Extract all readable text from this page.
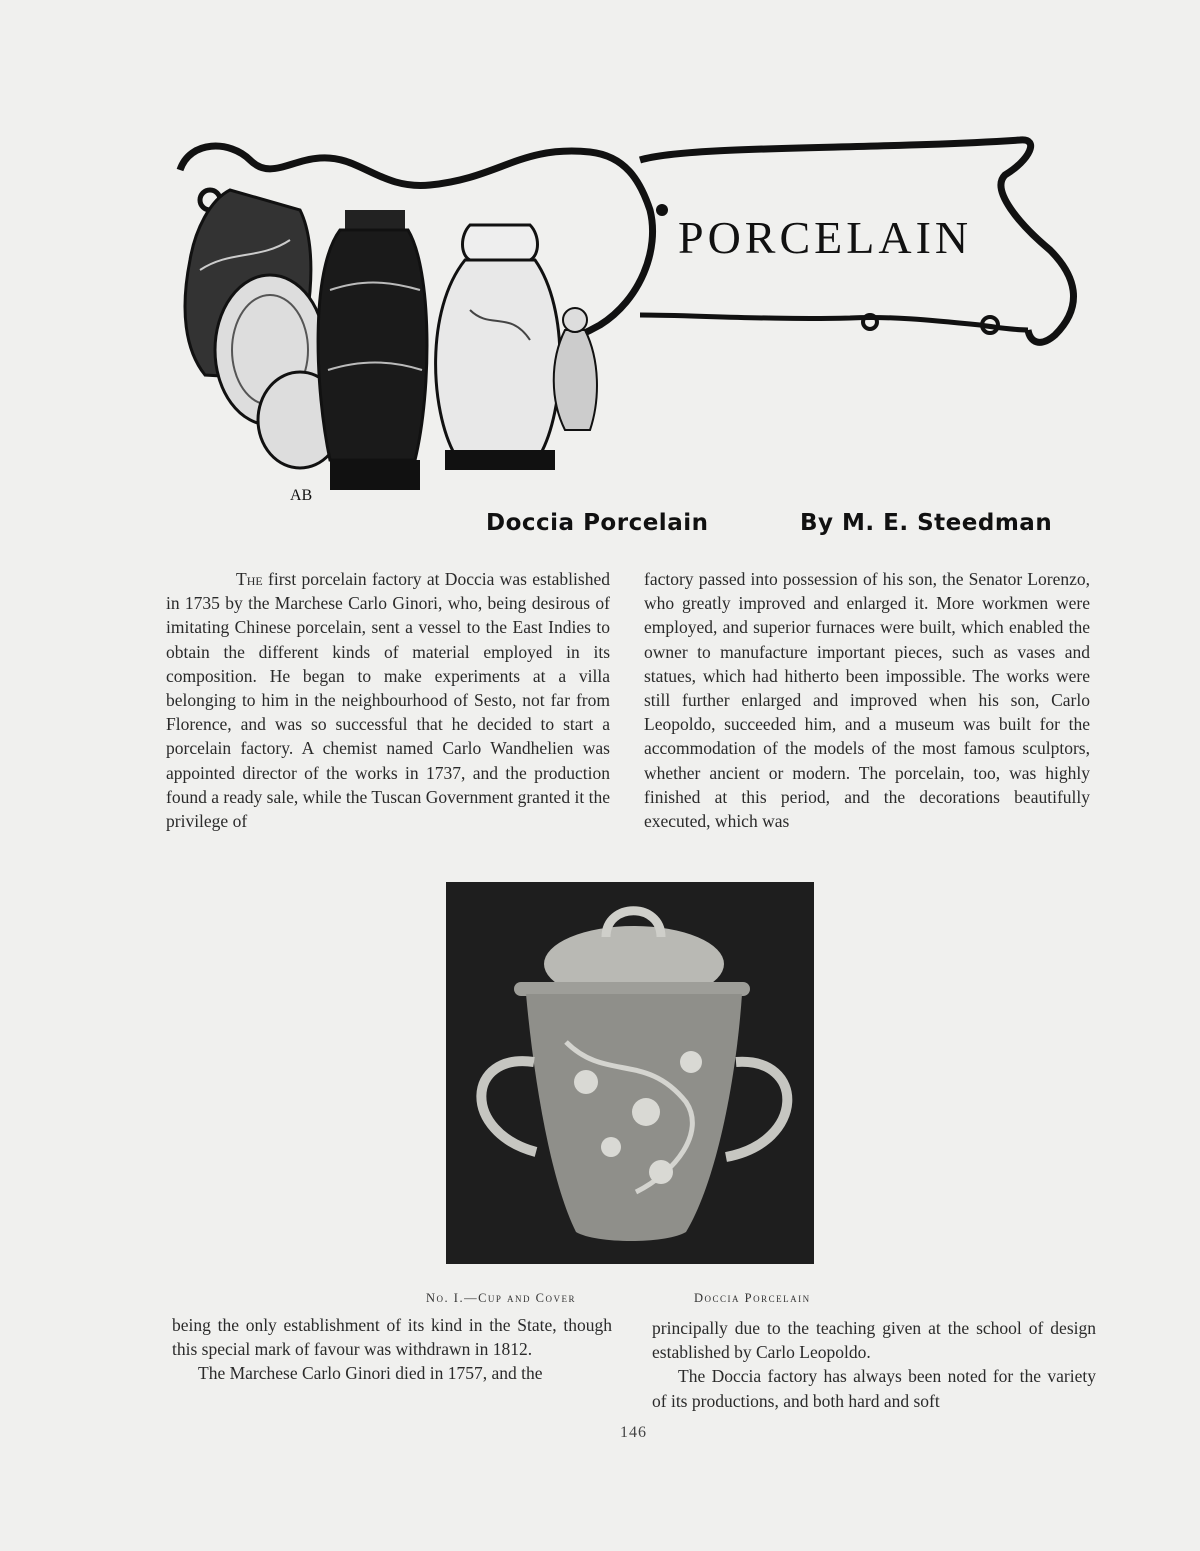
AB
PORCELAIN
Doccia Porcelain	By M. E. Steedman

The first porcelain factory at Doccia was established in 1735 by the Marchese Carlo Ginori, who, being desirous of imitating Chinese porcelain, sent a vessel to the East Indies to obtain the different kinds of material employed in its composition. He began to make experiments at a villa belonging to him in the neighbourhood of Sesto, not far from Florence, and was so successful that he decided to start a porcelain factory. A chemist named Carlo Wandhelien was appointed director of the works in 1737, and the production found a ready sale, while the Tuscan Government granted it the privilege of

factory passed into possession of his son, the Senator Lorenzo, who greatly improved and enlarged it. More workmen were employed, and superior furnaces were built, which enabled the owner to manufacture important pieces, such as vases and statues, which had hitherto been impossible. The works were still further enlarged and improved when his son, Carlo Leopoldo, succeeded him, and a museum was built for the accommodation of the models of the most famous sculptors, whether ancient or modern. The porcelain, too, was highly finished at this period, and the decorations beautifully executed, which was

No. I.—Cup and Cover	Doccia Porcelain

being the only establishment of its kind in the State, though this special mark of favour was withdrawn in 1812.

The Marchese Carlo Ginori died in 1757, and the

principally due to the teaching given at the school of design established by Carlo Leopoldo.

The Doccia factory has always been noted for the variety of its productions, and both hard and soft

146
